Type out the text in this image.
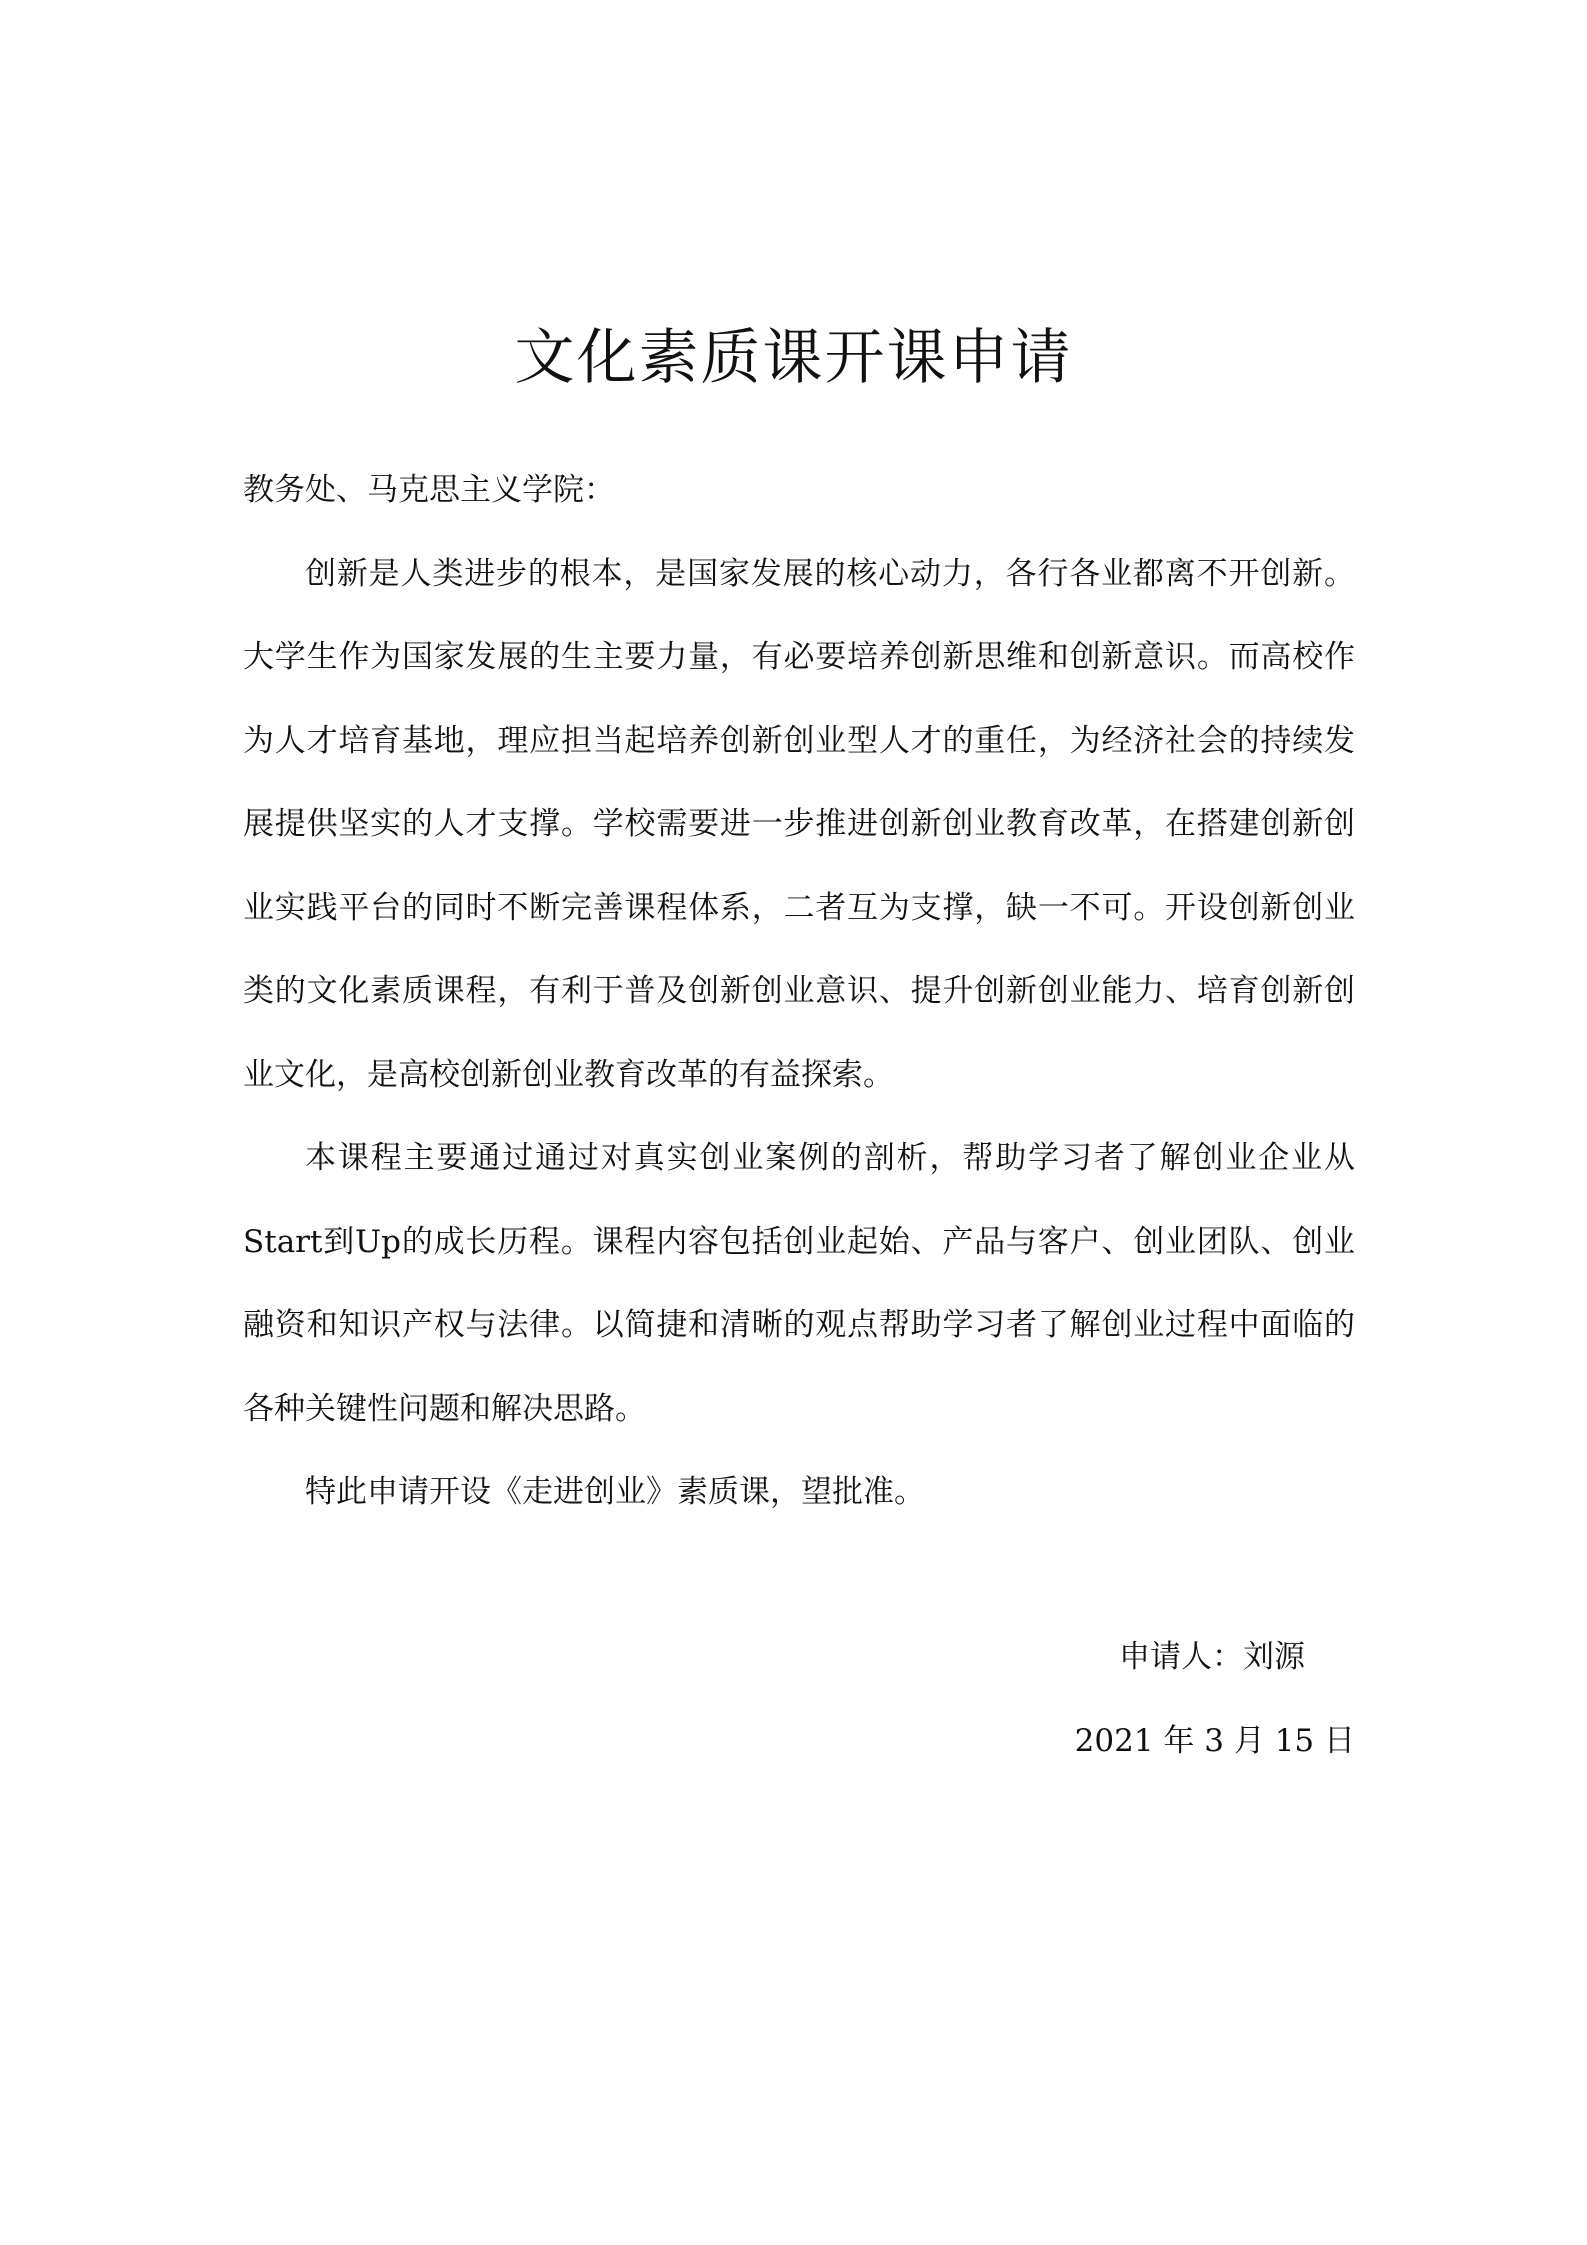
文化素质课开课申请

教务处、马克思主义学院：

创新是人类进步的根本，是国家发展的核心动力，各行各业都离不开创新。大学生作为国家发展的生主要力量，有必要培养创新思维和创新意识。而高校作为人才培育基地，理应担当起培养创新创业型人才的重任，为经济社会的持续发展提供坚实的人才支撑。学校需要进一步推进创新创业教育改革，在搭建创新创业实践平台的同时不断完善课程体系，二者互为支撑，缺一不可。开设创新创业类的文化素质课程，有利于普及创新创业意识、提升创新创业能力、培育创新创业文化，是高校创新创业教育改革的有益探索。

本课程主要通过通过对真实创业案例的剖析，帮助学习者了解创业企业从Start到Up的成长历程。课程内容包括创业起始、产品与客户、创业团队、创业融资和知识产权与法律。以简捷和清晰的观点帮助学习者了解创业过程中面临的各种关键性问题和解决思路。

特此申请开设《走进创业》素质课，望批准。

申请人：刘源
2021 年 3 月 15 日
